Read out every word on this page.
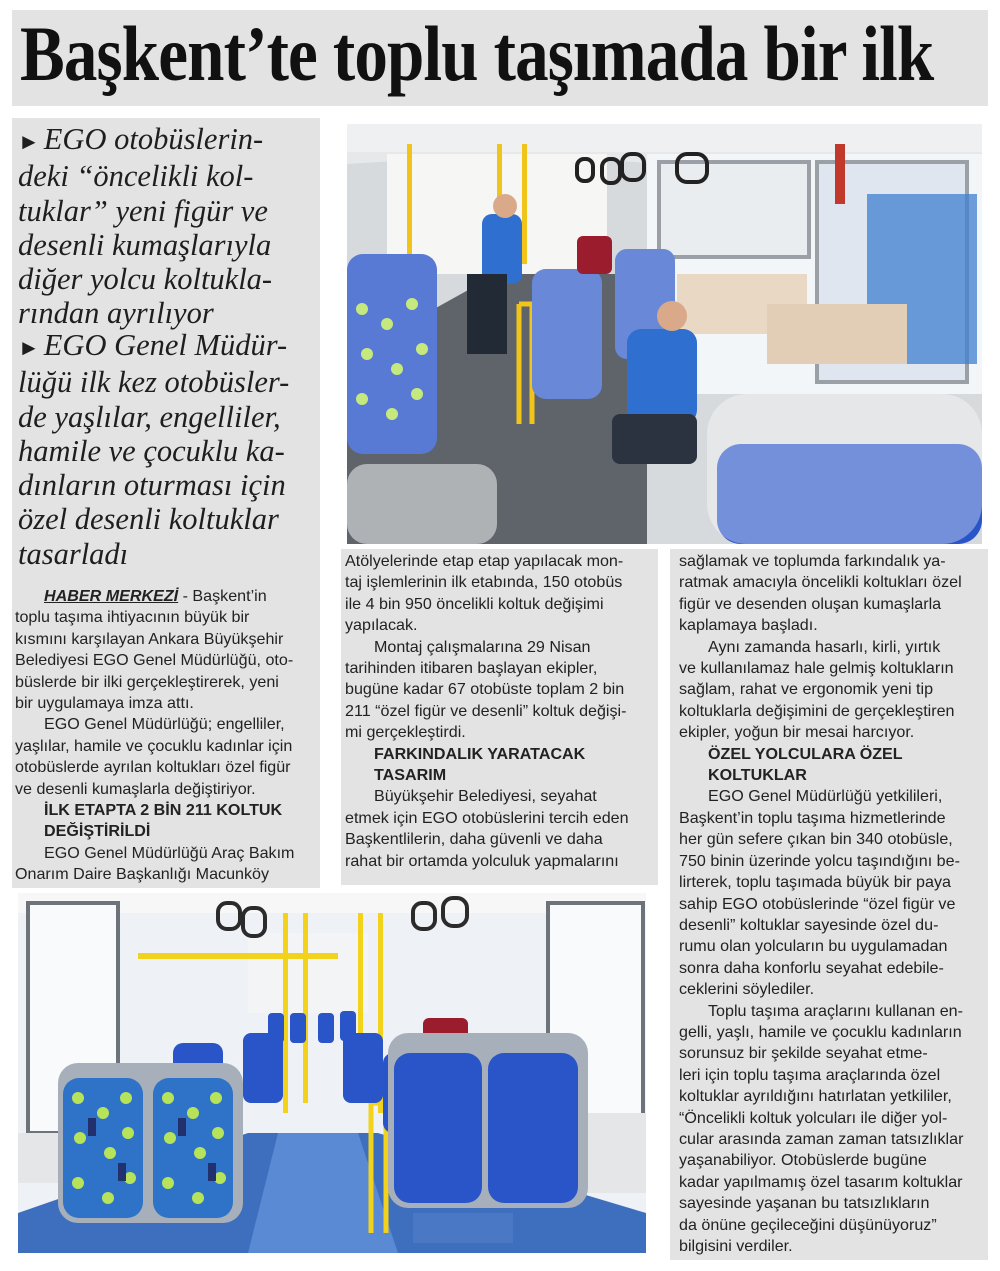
Başkent’te toplu taşımada bir ilk
► EGO otobüslerin-
deki “öncelikli kol-
tuklar” yeni figür ve
desenli kumaşlarıyla
diğer yolcu koltukla-
rından ayrılıyor
► EGO Genel Müdür-
lüğü ilk kez otobüsler-
de yaşlılar, engelliler,
hamile ve çocuklu ka-
dınların oturması için
özel desenli koltuklar
tasarladı
HABER MERKEZİ - Başkent’in
toplu taşıma ihtiyacının büyük bir
kısmını karşılayan Ankara Büyükşehir
Belediyesi EGO Genel Müdürlüğü, oto-
büslerde bir ilki gerçekleştirerek, yeni
bir uygulamaya imza attı.
EGO Genel Müdürlüğü; engelliler,
yaşlılar, hamile ve çocuklu kadınlar için
otobüslerde ayrılan koltukları özel figür
ve desenli kumaşlarla değiştiriyor.
İLK ETAPTA 2 BİN 211 KOLTUK
DEĞİŞTİRİLDİ
EGO Genel Müdürlüğü Araç Bakım
Onarım Daire Başkanlığı Macunköy
Atölyelerinde etap etap yapılacak mon-
taj işlemlerinin ilk etabında, 150 otobüs
ile 4 bin 950 öncelikli koltuk değişimi
yapılacak.
Montaj çalışmalarına 29 Nisan
tarihinden itibaren başlayan ekipler,
bugüne kadar 67 otobüste toplam 2 bin
211 “özel figür ve desenli” koltuk değişi-
mi gerçekleştirdi.
FARKINDALIK YARATACAK
TASARIM
Büyükşehir Belediyesi, seyahat
etmek için EGO otobüslerini tercih eden
Başkentlilerin, daha güvenli ve daha
rahat bir ortamda yolculuk yapmalarını
sağlamak ve toplumda farkındalık ya-
ratmak amacıyla öncelikli koltukları özel
figür ve desenden oluşan kumaşlarla
kaplamaya başladı.
Aynı zamanda hasarlı, kirli, yırtık
ve kullanılamaz hale gelmiş koltukların
sağlam, rahat ve ergonomik yeni tip
koltuklarla değişimini de gerçekleştiren
ekipler, yoğun bir mesai harcıyor.
ÖZEL YOLCULARA ÖZEL
KOLTUKLAR
EGO Genel Müdürlüğü yetkilileri,
Başkent’in toplu taşıma hizmetlerinde
her gün sefere çıkan bin 340 otobüsle,
750 binin üzerinde yolcu taşındığını be-
lirterek, toplu taşımada büyük bir paya
sahip EGO otobüslerinde “özel figür ve
desenli” koltuklar sayesinde özel du-
rumu olan yolcuların bu uygulamadan
sonra daha konforlu seyahat edebile-
ceklerini söylediler.
Toplu taşıma araçlarını kullanan en-
gelli, yaşlı, hamile ve çocuklu kadınların
sorunsuz bir şekilde seyahat etme-
leri için toplu taşıma araçlarında özel
koltuklar ayrıldığını hatırlatan yetkililer,
“Öncelikli koltuk yolcuları ile diğer yol-
cular arasında zaman zaman tatsızlıklar
yaşanabiliyor. Otobüslerde bugüne
kadar yapılmamış özel tasarım koltuklar
sayesinde yaşanan bu tatsızlıkların
da önüne geçileceğini düşünüyoruz”
bilgisini verdiler.
